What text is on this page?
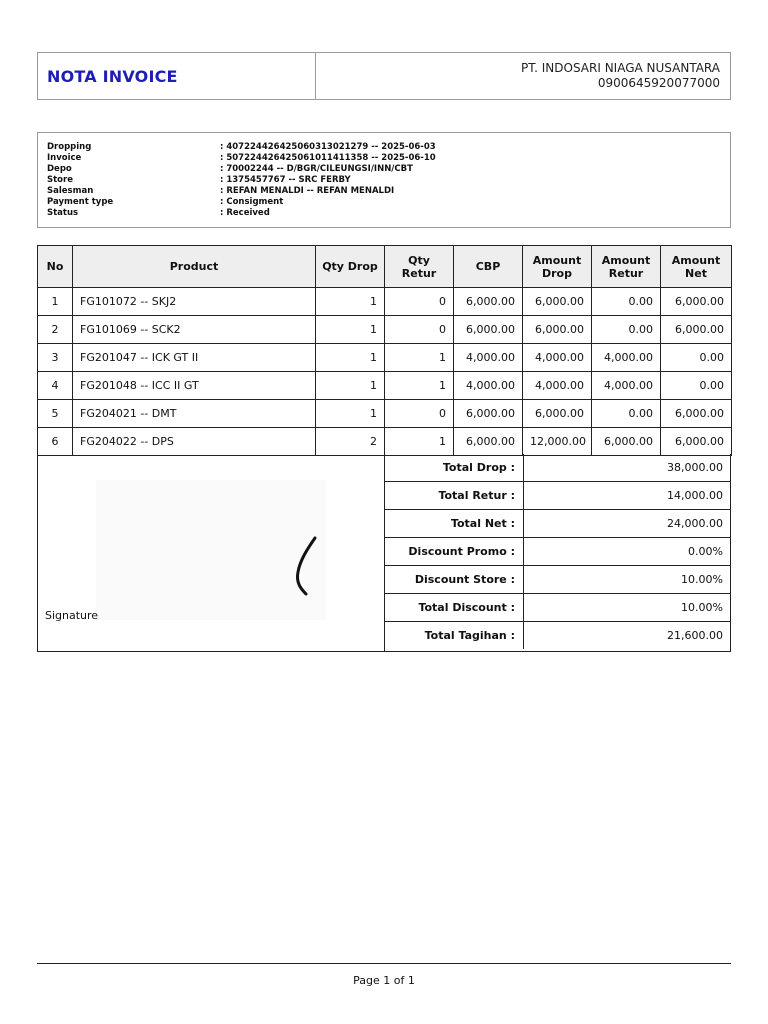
NOTA INVOICE	PT. INDOSARI NIAGA NUSANTARA
0900645920077000
Dropping	: 40722442642506031302127​9 -- 2025-06-03
Invoice	: 507224426425061011411358 -- 2025-06-10
Depo	: 70002244 -- D/BGR/CILEUNGSI/INN/CBT
Store	: 1375457767 -- SRC FERBY
Salesman	: REFAN MENALDI -- REFAN MENALDI
Payment type	: Consigment
Status	: Received
No	Product	Qty Drop	Qty Retur	CBP	Amount Drop	Amount Retur	Amount Net
1	FG101072 -- SKJ2	1	0	6,000.00	6,000.00	0.00	6,000.00
2	FG101069 -- SCK2	1	0	6,000.00	6,000.00	0.00	6,000.00
3	FG201047 -- ICK GT II	1	1	4,000.00	4,000.00	4,000.00	0.00
4	FG201048 -- ICC II GT	1	1	4,000.00	4,000.00	4,000.00	0.00
5	FG204021 -- DMT	1	0	6,000.00	6,000.00	0.00	6,000.00
6	FG204022 -- DPS	2	1	6,000.00	12,000.00	6,000.00	6,000.00
Signature
Total Drop :	38,000.00
Total Retur :	14,000.00
Total Net :	24,000.00
Discount Promo :	0.00%
Discount Store :	10.00%
Total Discount :	10.00%
Total Tagihan :	21,600.00
Page 1 of 1
